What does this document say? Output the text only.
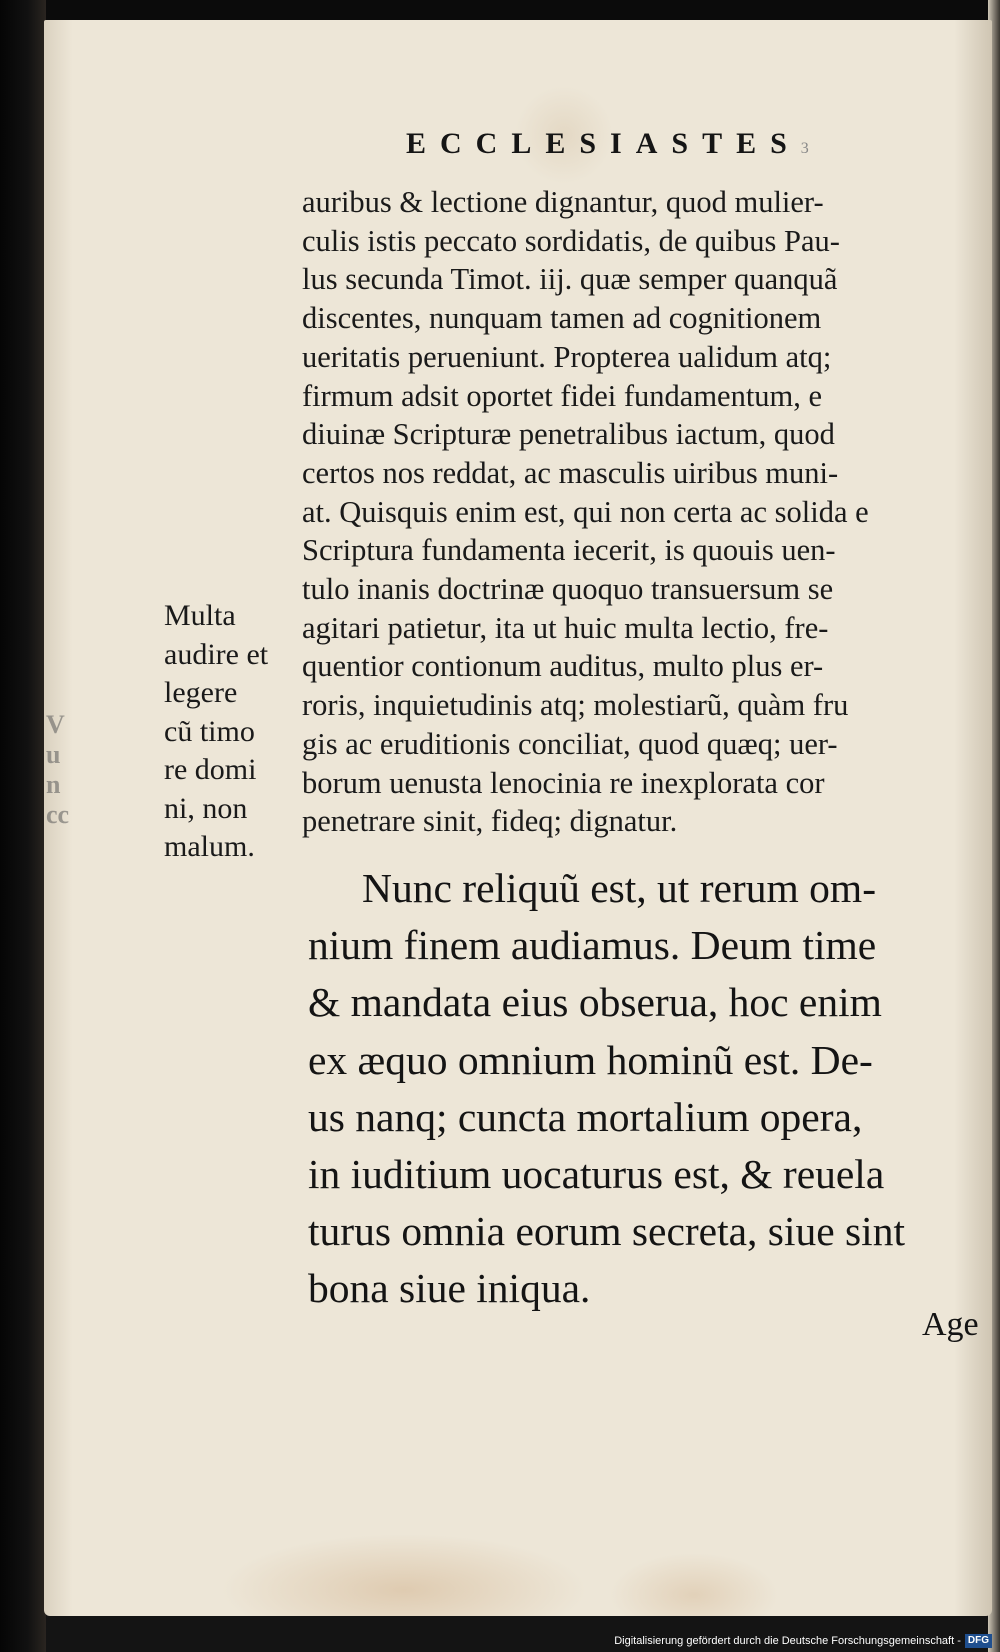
V
u
n
cc
ECCLESIASTES3
auribus & lectione dignantur, quod mulier-
culis istis peccato sordidatis, de quibus Pau-
lus secunda Timot. iij. quæ semper quanquã
discentes, nunquam tamen ad cognitionem
ueritatis perueniunt. Propterea ualidum atq;
firmum adsit oportet fidei fundamentum, e
diuinæ Scripturæ penetralibus iactum, quod
certos nos reddat, ac masculis uiribus muni-
at. Quisquis enim est, qui non certa ac solida e
Scriptura fundamenta iecerit, is quouis uen-
tulo inanis doctrinæ quoquo transuersum se
agitari patietur, ita ut huic multa lectio, fre-
quentior contionum auditus, multo plus er-
roris, inquietudinis atq; molestiarũ, quàm fru
gis ac eruditionis conciliat, quod quæq; uer-
borum uenusta lenocinia re inexplorata cor
penetrare sinit, fideq; dignatur.
Multa
audire et
legere
cũ timo
re domi
ni, non
malum.
Nunc reliquũ est, ut rerum om-
nium finem audiamus. Deum time
& mandata eius obserua, hoc enim
ex æquo omnium hominũ est. De-
us nanq; cuncta mortalium opera,
in iuditium uocaturus est, & reuela
turus omnia eorum secreta, siue sint
bona siue iniqua.
Age
Digitalisierung gefördert durch die Deutsche Forschungsgemeinschaft - DFG
